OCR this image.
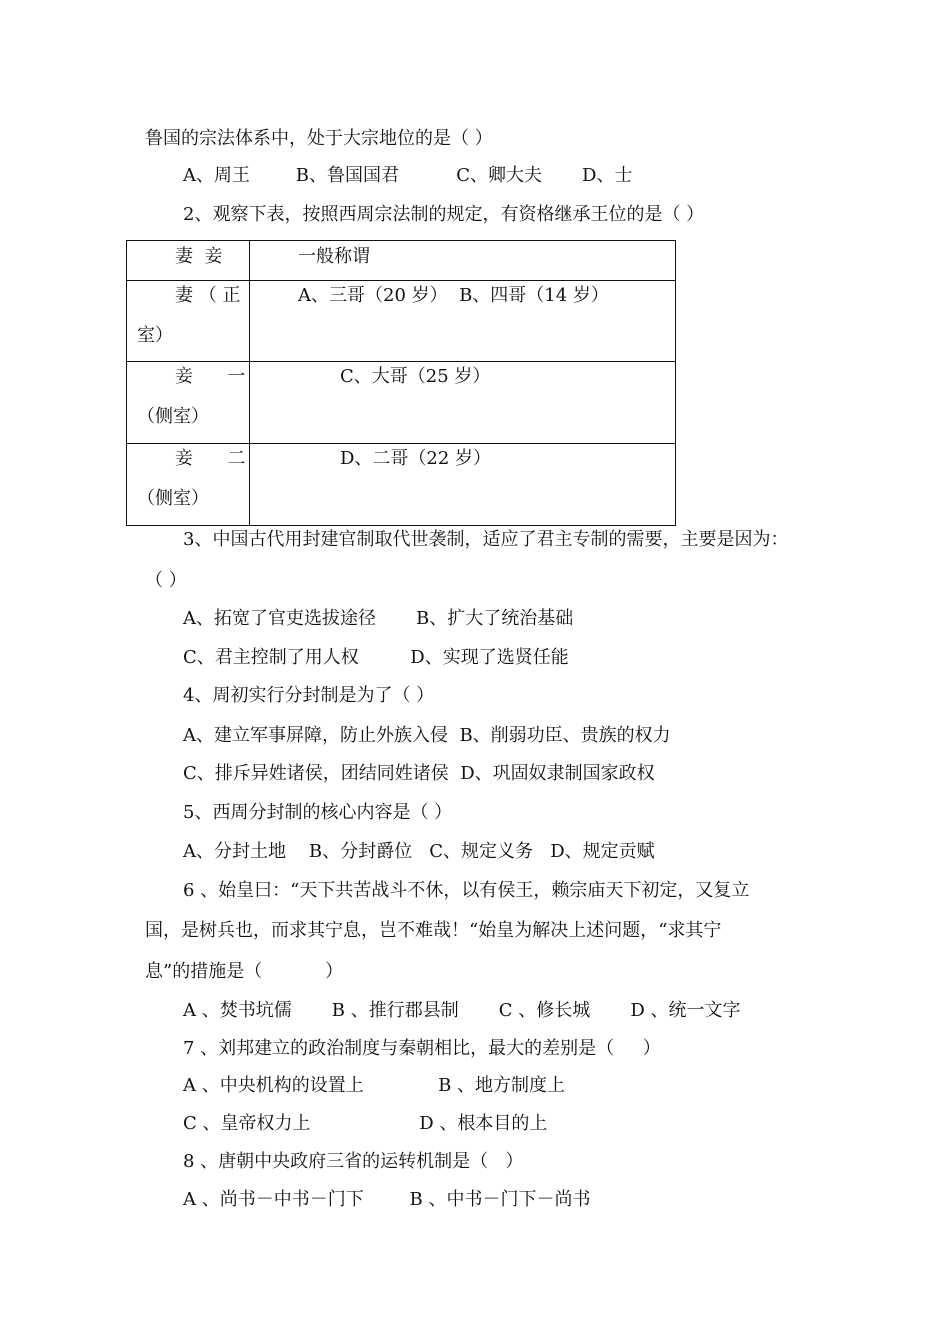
鲁国的宗法体系中，处于大宗地位的是（ ）
A、周王        B、鲁国国君          C、卿大夫       D、士
2、观察下表，按照西周宗法制的规定，有资格继承王位的是（ ）
妻  妾	一般称谓

妻 （ 正
室）	A、三哥（20 岁）  B、四哥（14 岁）

妾      一
（侧室）	C、大哥（25 岁）

妾      二
（侧室）	D、二哥（22 岁）
3、中国古代用封建官制取代世袭制，适应了君主专制的需要，主要是因为：
（ ）
A、拓宽了官吏选拔途径       B、扩大了统治基础
C、君主控制了用人权         D、实现了选贤任能
4、周初实行分封制是为了（ ）
A、建立军事屏障，防止外族入侵  B、削弱功臣、贵族的权力
C、排斥异姓诸侯，团结同姓诸侯  D、巩固奴隶制国家政权
5、西周分封制的核心内容是（ ）
A、分封土地    B、分封爵位   C、规定义务   D、规定贡赋
6 、始皇曰：“天下共苦战斗不休，以有侯王，赖宗庙天下初定，又复立
国，是树兵也，而求其宁息，岂不难哉！“始皇为解决上述问题，“求其宁
息”的措施是（           ）
A 、焚书坑儒       B 、推行郡县制       C 、修长城       D 、统一文字
7 、刘邦建立的政治制度与秦朝相比，最大的差别是（     ）
A 、中央机构的设置上             B 、地方制度上
C 、皇帝权力上                   D 、根本目的上
8 、唐朝中央政府三省的运转机制是（   ）
A 、尚书－中书－门下        B 、中书－门下－尚书
